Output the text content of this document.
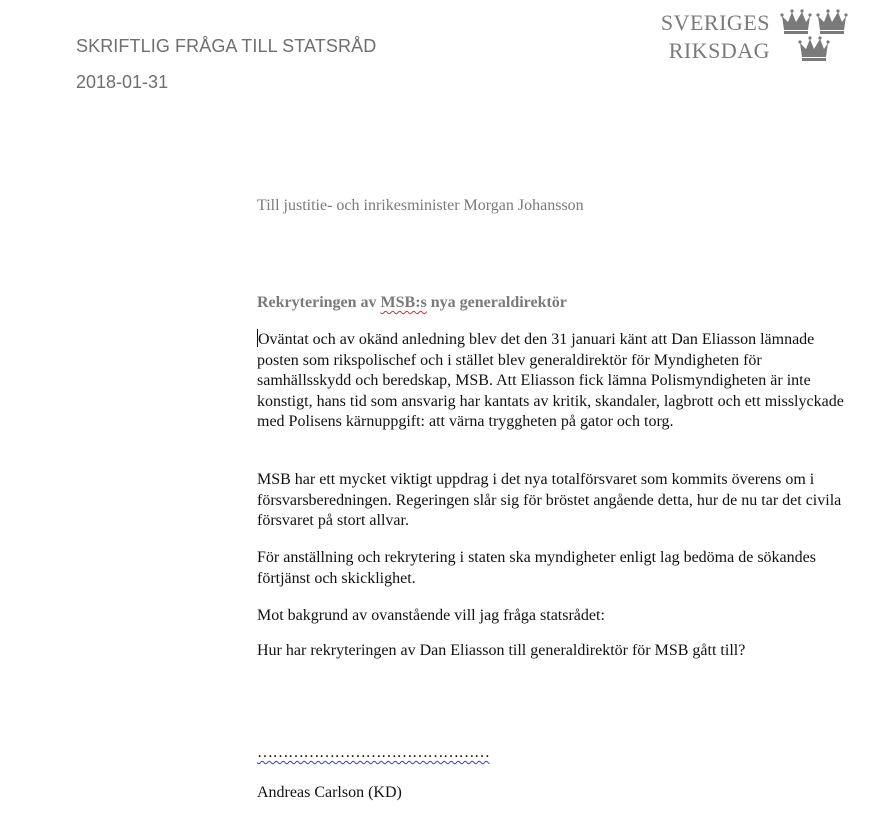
SKRIFTLIG FRÅGA TILL STATSRÅD
2018-01-31
SVERIGES
RIKSDAG

Till justitie- och inrikesminister Morgan Johansson

Rekryteringen av MSB:s nya generaldirektör

Oväntat och av okänd anledning blev det den 31 januari känt att Dan Eliasson lämnade posten som rikspolischef och i stället blev generaldirektör för Myndigheten för samhällsskydd och beredskap, MSB. Att Eliasson fick lämna Polismyndigheten är inte konstigt, hans tid som ansvarig har kantats av kritik, skandaler, lagbrott och ett misslyckade med Polisens kärnuppgift: att värna tryggheten på gator och torg.

MSB har ett mycket viktigt uppdrag i det nya totalförsvaret som kommits överens om i försvarsberedningen. Regeringen slår sig för bröstet angående detta, hur de nu tar det civila försvaret på stort allvar.

För anställning och rekrytering i staten ska myndigheter enligt lag bedöma de sökandes förtjänst och skicklighet.

Mot bakgrund av ovanstående vill jag fråga statsrådet:

Hur har rekryteringen av Dan Eliasson till generaldirektör för MSB gått till?

………………………………………

Andreas Carlson (KD)
